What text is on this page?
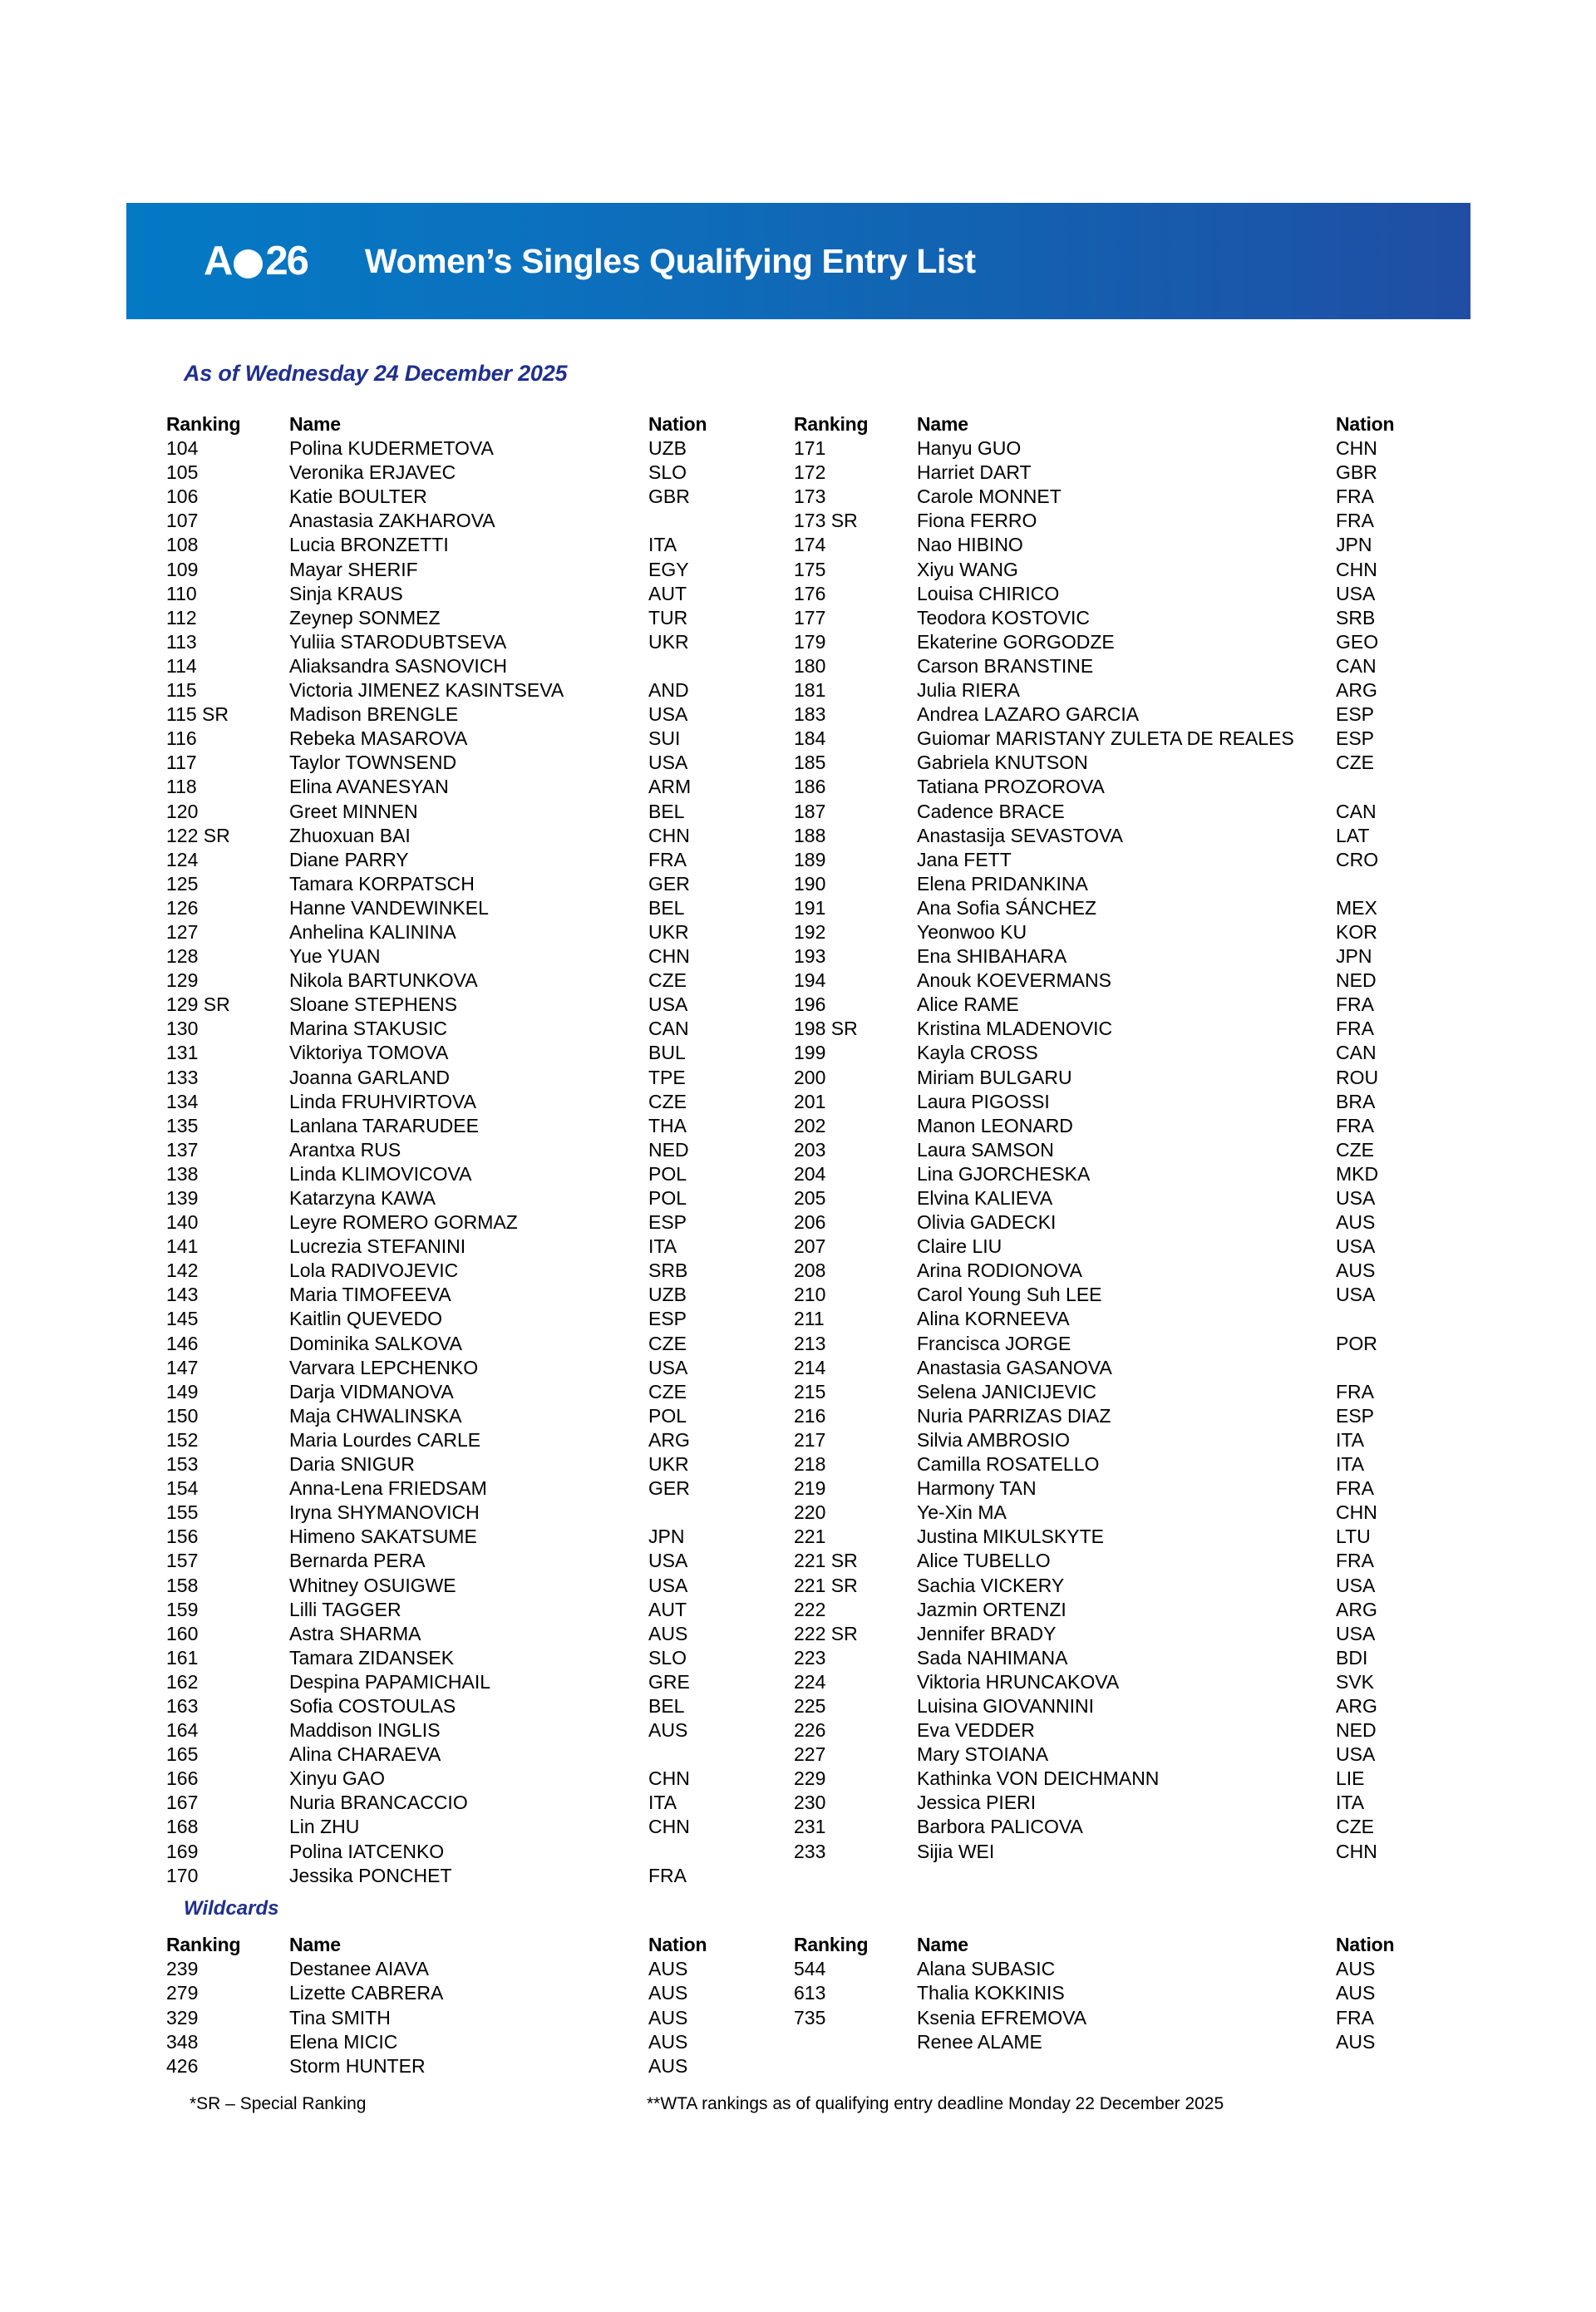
A 26 Women’s Singles Qualifying Entry List
As of Wednesday 24 December 2025
Ranking	Name	Nation
104	Polina KUDERMETOVA	UZB
105	Veronika ERJAVEC	SLO
106	Katie BOULTER	GBR
107	Anastasia ZAKHAROVA
108	Lucia BRONZETTI	ITA
109	Mayar SHERIF	EGY
110	Sinja KRAUS	AUT
112	Zeynep SONMEZ	TUR
113	Yuliia STARODUBTSEVA	UKR
114	Aliaksandra SASNOVICH
115	Victoria JIMENEZ KASINTSEVA	AND
115 SR	Madison BRENGLE	USA
116	Rebeka MASAROVA	SUI
117	Taylor TOWNSEND	USA
118	Elina AVANESYAN	ARM
120	Greet MINNEN	BEL
122 SR	Zhuoxuan BAI	CHN
124	Diane PARRY	FRA
125	Tamara KORPATSCH	GER
126	Hanne VANDEWINKEL	BEL
127	Anhelina KALININA	UKR
128	Yue YUAN	CHN
129	Nikola BARTUNKOVA	CZE
129 SR	Sloane STEPHENS	USA
130	Marina STAKUSIC	CAN
131	Viktoriya TOMOVA	BUL
133	Joanna GARLAND	TPE
134	Linda FRUHVIRTOVA	CZE
135	Lanlana TARARUDEE	THA
137	Arantxa RUS	NED
138	Linda KLIMOVICOVA	POL
139	Katarzyna KAWA	POL
140	Leyre ROMERO GORMAZ	ESP
141	Lucrezia STEFANINI	ITA
142	Lola RADIVOJEVIC	SRB
143	Maria TIMOFEEVA	UZB
145	Kaitlin QUEVEDO	ESP
146	Dominika SALKOVA	CZE
147	Varvara LEPCHENKO	USA
149	Darja VIDMANOVA	CZE
150	Maja CHWALINSKA	POL
152	Maria Lourdes CARLE	ARG
153	Daria SNIGUR	UKR
154	Anna-Lena FRIEDSAM	GER
155	Iryna SHYMANOVICH
156	Himeno SAKATSUME	JPN
157	Bernarda PERA	USA
158	Whitney OSUIGWE	USA
159	Lilli TAGGER	AUT
160	Astra SHARMA	AUS
161	Tamara ZIDANSEK	SLO
162	Despina PAPAMICHAIL	GRE
163	Sofia COSTOULAS	BEL
164	Maddison INGLIS	AUS
165	Alina CHARAEVA
166	Xinyu GAO	CHN
167	Nuria BRANCACCIO	ITA
168	Lin ZHU	CHN
169	Polina IATCENKO
170	Jessika PONCHET	FRA
Ranking	Name	Nation
171	Hanyu GUO	CHN
172	Harriet DART	GBR
173	Carole MONNET	FRA
173 SR	Fiona FERRO	FRA
174	Nao HIBINO	JPN
175	Xiyu WANG	CHN
176	Louisa CHIRICO	USA
177	Teodora KOSTOVIC	SRB
179	Ekaterine GORGODZE	GEO
180	Carson BRANSTINE	CAN
181	Julia RIERA	ARG
183	Andrea LAZARO GARCIA	ESP
184	Guiomar MARISTANY ZULETA DE REALES	ESP
185	Gabriela KNUTSON	CZE
186	Tatiana PROZOROVA
187	Cadence BRACE	CAN
188	Anastasija SEVASTOVA	LAT
189	Jana FETT	CRO
190	Elena PRIDANKINA
191	Ana Sofia SÁNCHEZ	MEX
192	Yeonwoo KU	KOR
193	Ena SHIBAHARA	JPN
194	Anouk KOEVERMANS	NED
196	Alice RAME	FRA
198 SR	Kristina MLADENOVIC	FRA
199	Kayla CROSS	CAN
200	Miriam BULGARU	ROU
201	Laura PIGOSSI	BRA
202	Manon LEONARD	FRA
203	Laura SAMSON	CZE
204	Lina GJORCHESKA	MKD
205	Elvina KALIEVA	USA
206	Olivia GADECKI	AUS
207	Claire LIU	USA
208	Arina RODIONOVA	AUS
210	Carol Young Suh LEE	USA
211	Alina KORNEEVA
213	Francisca JORGE	POR
214	Anastasia GASANOVA
215	Selena JANICIJEVIC	FRA
216	Nuria PARRIZAS DIAZ	ESP
217	Silvia AMBROSIO	ITA
218	Camilla ROSATELLO	ITA
219	Harmony TAN	FRA
220	Ye-Xin MA	CHN
221	Justina MIKULSKYTE	LTU
221 SR	Alice TUBELLO	FRA
221 SR	Sachia VICKERY	USA
222	Jazmin ORTENZI	ARG
222 SR	Jennifer BRADY	USA
223	Sada NAHIMANA	BDI
224	Viktoria HRUNCAKOVA	SVK
225	Luisina GIOVANNINI	ARG
226	Eva VEDDER	NED
227	Mary STOIANA	USA
229	Kathinka VON DEICHMANN	LIE
230	Jessica PIERI	ITA
231	Barbora PALICOVA	CZE
233	Sijia WEI	CHN
Wildcards
Ranking	Name	Nation
239	Destanee AIAVA	AUS
279	Lizette CABRERA	AUS
329	Tina SMITH	AUS
348	Elena MICIC	AUS
426	Storm HUNTER	AUS
Ranking	Name	Nation
544	Alana SUBASIC	AUS
613	Thalia KOKKINIS	AUS
735	Ksenia EFREMOVA	FRA
Renee ALAME	AUS
*SR – Special Ranking	**WTA rankings as of qualifying entry deadline Monday 22 December 2025
